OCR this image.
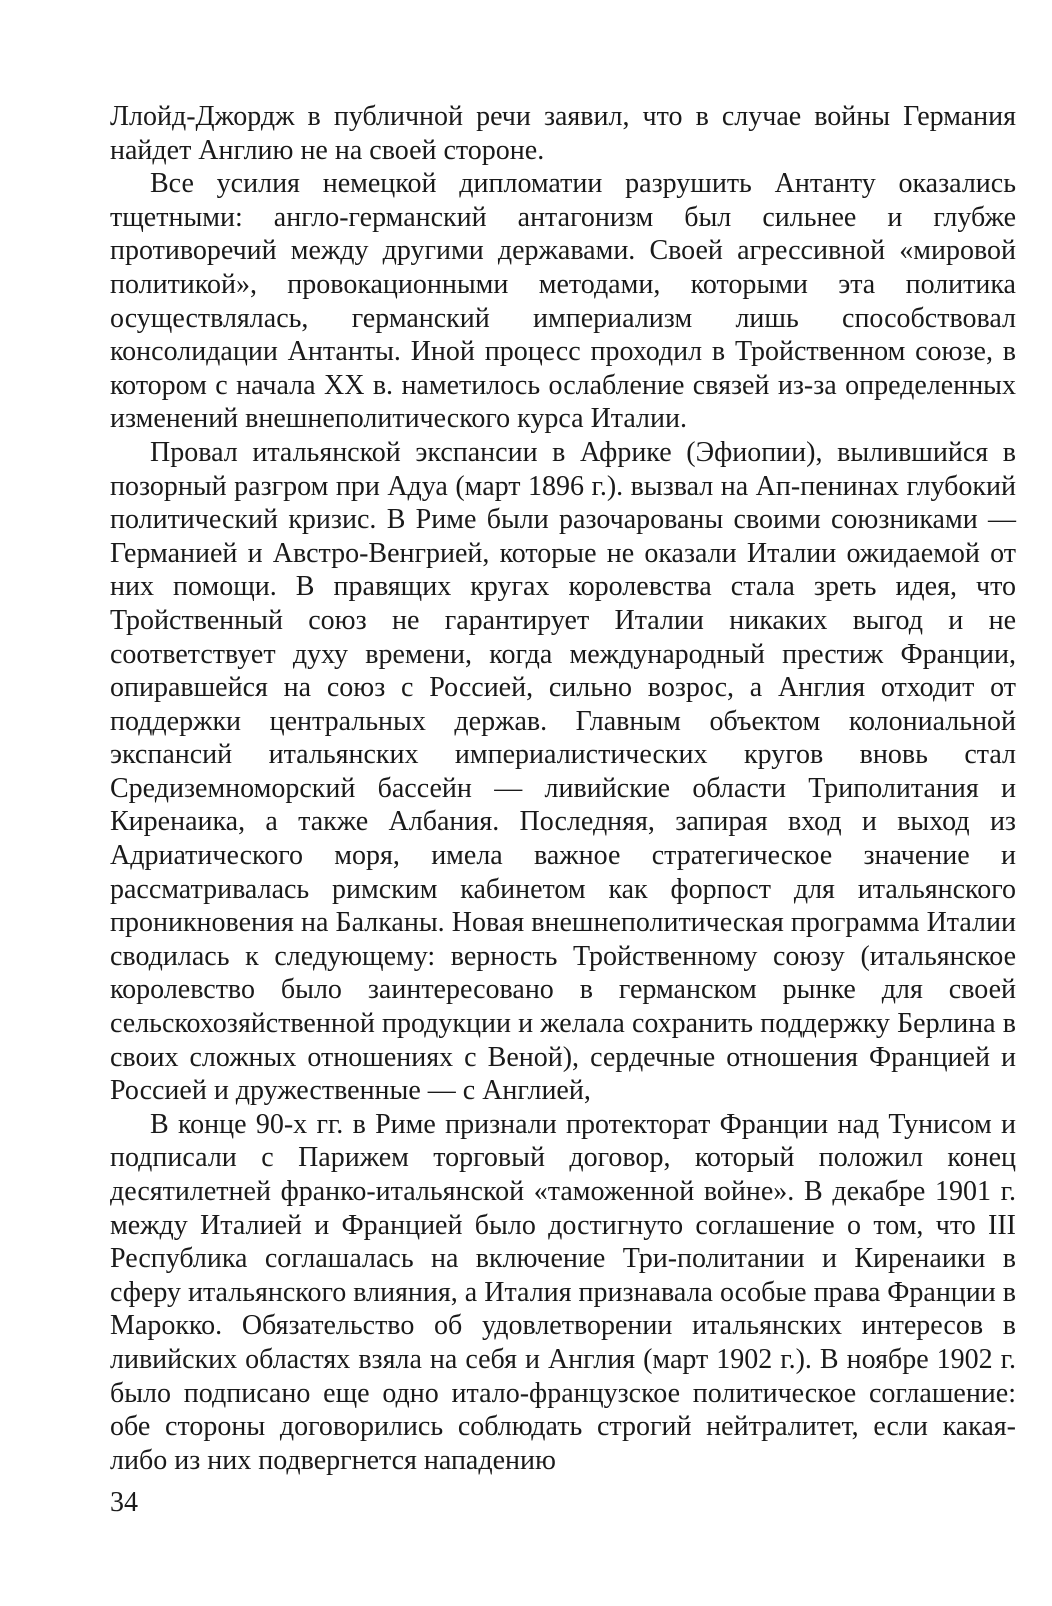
Ллойд-Джордж в публичной речи заявил, что в случае войны Германия найдет Англию не на своей стороне.

Все усилия немецкой дипломатии разрушить Антанту оказались тщетными: англо-германский антагонизм был сильнее и глубже противоречий между другими державами. Своей агрессивной «мировой политикой», провокационными методами, которыми эта политика осуществлялась, германский империализм лишь способствовал консолидации Антанты. Иной процесс проходил в Тройственном союзе, в котором с начала XX в. наметилось ослабление связей из-за определенных изменений внешнеполитического курса Италии.

Провал итальянской экспансии в Африке (Эфиопии), вылившийся в позорный разгром при Адуа (март 1896 г.). вызвал на Ап-пенинах глубокий политический кризис. В Риме были разочарованы своими союзниками — Германией и Австро-Венгрией, которые не оказали Италии ожидаемой от них помощи. В правящих кругах королевства стала зреть идея, что Тройственный союз не гарантирует Италии никаких выгод и не соответствует духу времени, когда международный престиж Франции, опиравшейся на союз с Россией, сильно возрос, а Англия отходит от поддержки центральных держав. Главным объектом колониальной экспансий итальянских империалистических кругов вновь стал Средиземноморский бассейн — ливийские области Триполитания и Киренаика, а также Албания. Последняя, запирая вход и выход из Адриатического моря, имела важное стратегическое значение и рассматривалась римским кабинетом как форпост для итальянского проникновения на Балканы. Новая внешнеполитическая программа Италии сводилась к следующему: верность Тройственному союзу (итальянское королевство было заинтересовано в германском рынке для своей сельскохозяйственной продукции и желала сохранить поддержку Берлина в своих сложных отношениях с Веной), сердечные отношения Францией и Россией и дружественные — с Англией,

В конце 90-х гг. в Риме признали протекторат Франции над Тунисом и подписали с Парижем торговый договор, который положил конец десятилетней франко-итальянской «таможенной войне». В декабре 1901 г. между Италией и Францией было достигнуто соглашение о том, что III Республика соглашалась на включение Три-политании и Киренаики в сферу итальянского влияния, а Италия признавала особые права Франции в Марокко. Обязательство об удовлетворении итальянских интересов в ливийских областях взяла на себя и Англия (март 1902 г.). В ноябре 1902 г. было подписано еще одно итало-французское политическое соглашение: обе стороны договорились соблюдать строгий нейтралитет, если какая-либо из них подвергнется нападению

34
